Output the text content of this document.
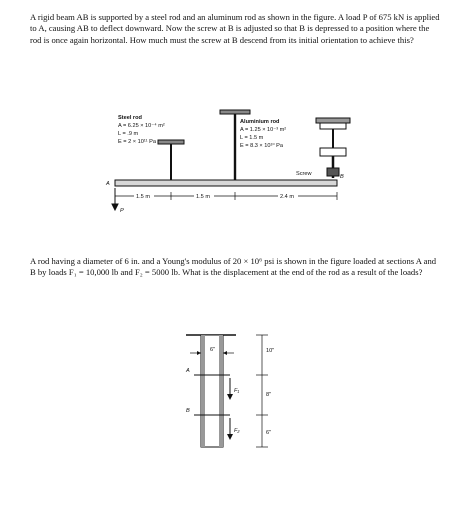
A rigid beam AB is supported by a steel rod and an aluminum rod as shown in the figure. A load P of 675 kN is applied to A, causing AB to deflect downward. Now the screw at B is adjusted so that B is depressed to a position where the rod is once again horizontal. How much must the screw at B descend from its initial orientation to achieve this?
Steel rod
A = 6.25 × 10⁻⁴ m²
L = .9 m
E = 2 × 10¹¹ Pa
Aluminium rod
A = 1.25 × 10⁻³ m²
L = 1.5 m
E = 8.3 × 10¹⁰ Pa
Screw
A
B
P
1.5 m	1.5 m	2.4 m
6"
A
B
F₁
F₂
10"
8"
6"
A rod having a diameter of 6 in. and a Young's modulus of 20 × 10⁶ psi is shown in the figure loaded at sections A and B by loads F₁ = 10,000 lb and F₂ = 5000 lb. What is the displacement at the end of the rod as a result of the loads?
